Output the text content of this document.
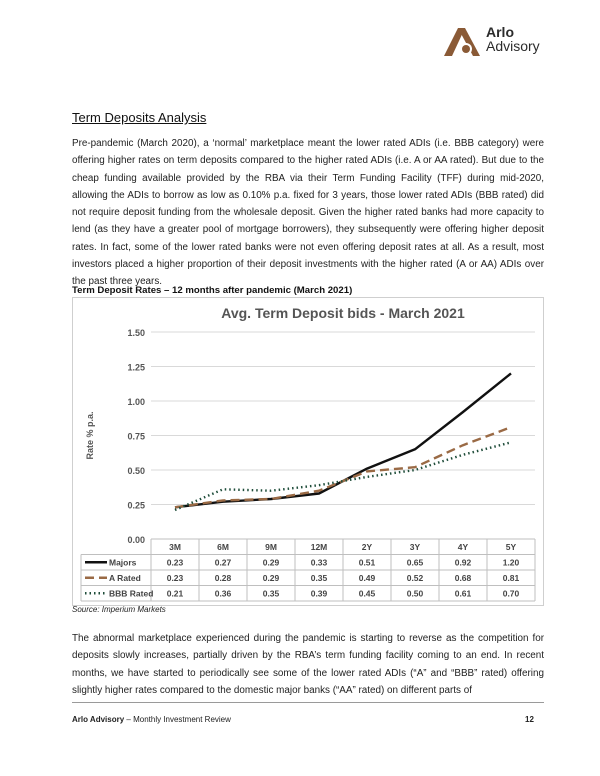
Arlo
Advisory
Term Deposits Analysis
Pre-pandemic (March 2020), a ‘normal’ marketplace meant the lower rated ADIs (i.e. BBB category) were offering higher rates on term deposits compared to the higher rated ADIs (i.e. A or AA rated). But due to the cheap funding available provided by the RBA via their Term Funding Facility (TFF) during mid-2020, allowing the ADIs to borrow as low as 0.10% p.a. fixed for 3 years, those lower rated ADIs (BBB rated) did not require deposit funding from the wholesale deposit. Given the higher rated banks had more capacity to lend (as they have a greater pool of mortgage borrowers), they subsequently were offering higher deposit rates. In fact, some of the lower rated banks were not even offering deposit rates at all. As a result, most investors placed a higher proportion of their deposit investments with the higher rated (A or AA) ADIs over the past three years.
Term Deposit Rates – 12 months after pandemic (March 2021)
Avg. Term Deposit bids - March 2021
0.00
0.25
0.50
0.75
1.00
1.25
1.50
Rate % p.a.
3M	6M	9M	12M	2Y	3Y	4Y	5Y
Majors	0.23	0.27	0.29	0.33	0.51	0.65	0.92	1.20
A Rated	0.23	0.28	0.29	0.35	0.49	0.52	0.68	0.81
BBB Rated 0.21	0.36	0.35	0.39	0.45	0.50	0.61	0.70
Source: Imperium Markets
The abnormal marketplace experienced during the pandemic is starting to reverse as the competition for deposits slowly increases, partially driven by the RBA’s term funding facility coming to an end. In recent months, we have started to periodically see some of the lower rated ADIs (“A” and “BBB” rated) offering slightly higher rates compared to the domestic major banks (“AA” rated) on different parts of
Arlo Advisory – Monthly Investment Review	12
